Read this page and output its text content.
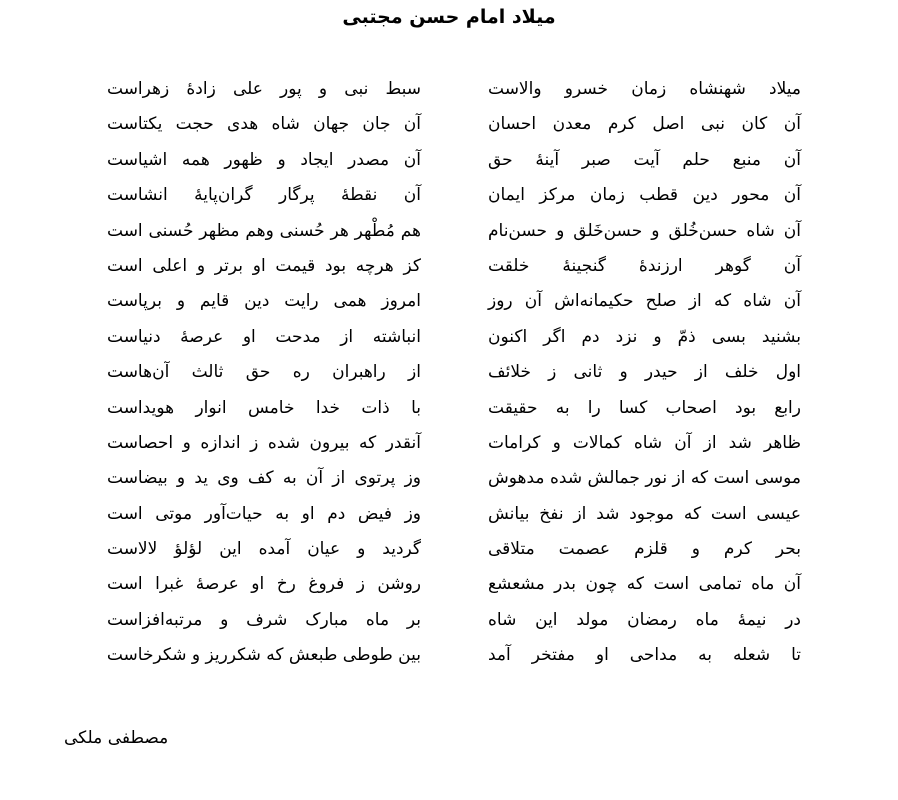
میلاد امام حسن مجتبی
میلاد شهنشاه زمان خسرو والاست
سبط نبی و پور علی زادهٔ زهراست
آن کان نبی اصل کرم معدن احسان
آن جان جهان شاه هدی حجت یکتاست
آن منبع حلم آیت صبر آینهٔ حق
آن مصدر ایجاد و ظهور همه اشیاست
آن محور دین قطب زمان مرکز ایمان
آن نقطهٔ پرگار گران‌پایهٔ انشاست
آن شاه حسن‌خُلق و حسن‌خَلق و حسن‌نام
هم مُطْهر هر حُسنی وهم مظهر حُسنی است
آن گوهر ارزندهٔ گنجینهٔ خلقت
کز هرچه بود قیمت او برتر و اعلی است
آن شاه که از صلح حکیمانه‌اش آن روز
امروز همی رایت دین قایم و برپاست
بشنید بسی ذمّ و نزد دم اگر اکنون
انباشته از مدحت او عرصهٔ دنیاست
اول خلف از حیدر و ثانی ز خلائف
از راهبران ره حق ثالث آن‌هاست
رابع بود اصحاب کسا را به حقیقت
با ذات خدا خامس انوار هویداست
ظاهر شد از آن شاه کمالات و کرامات
آنقدر که بیرون شده ز اندازه و احصاست
موسی است که از نور جمالش شده مدهوش
وز پرتوی از آن به کف وی ید و بیضاست
عیسی است که موجود شد از نفخ بیانش
وز فیض دم او به حیات‌آور موتی است
بحر کرم و قلزم عصمت متلاقی
گردید و عیان آمده این لؤلؤ لالاست
آن ماه تمامی است که چون بدر مشعشع
روشن ز فروغ رخ او عرصهٔ غبرا است
در نیمهٔ ماه رمضان مولد این شاه
بر ماه مبارک شرف و مرتبه‌افزاست
تا شعله به مداحی او مفتخر آمد
بین طوطی طبعش که شکرریز و شکرخاست
مصطفی ملکی
